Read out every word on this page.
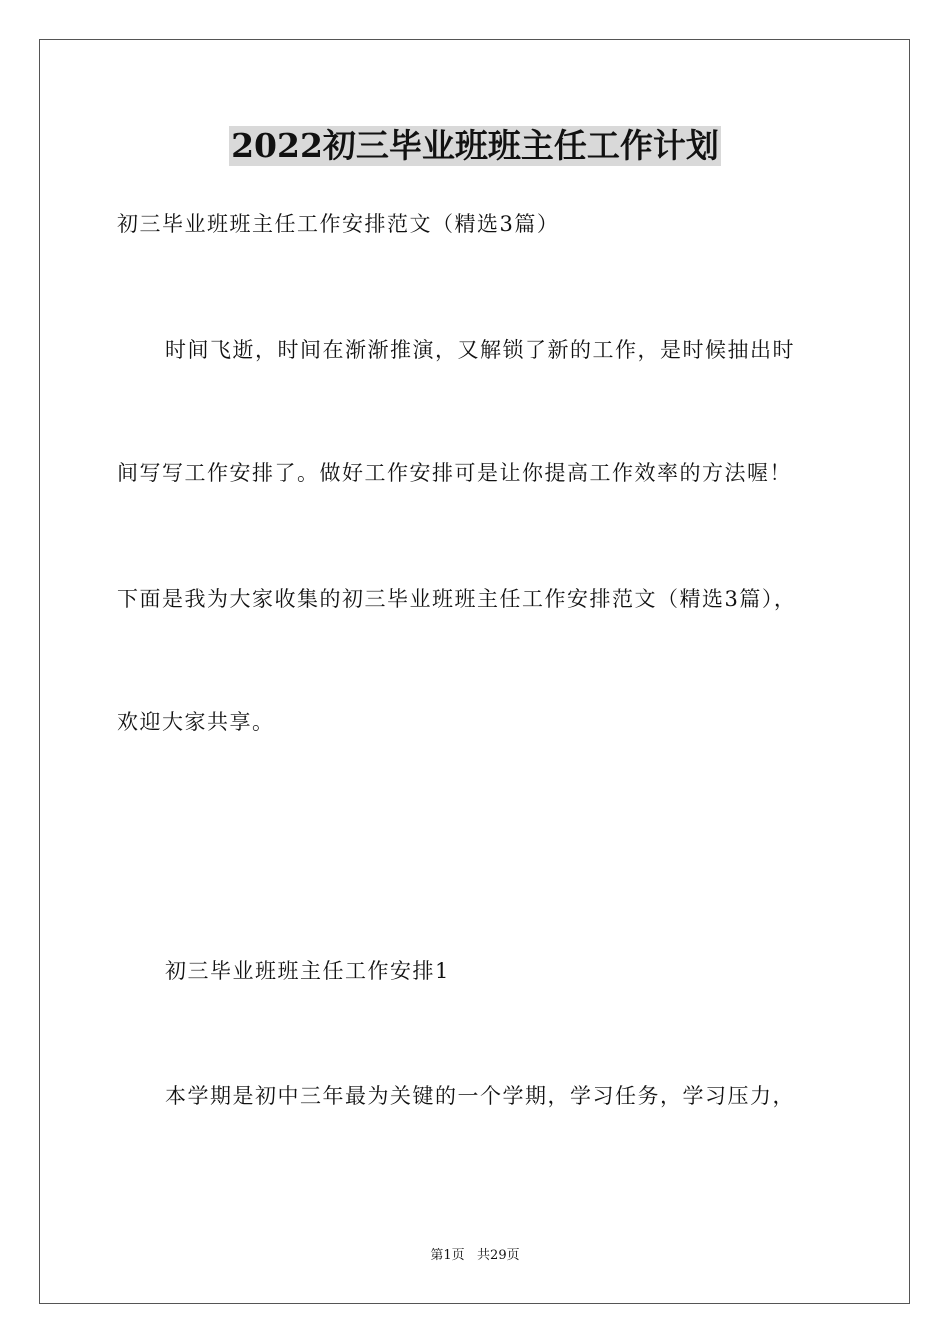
2022初三毕业班班主任工作计划
初三毕业班班主任工作安排范文（精选3篇）
时间飞逝，时间在渐渐推演，又解锁了新的工作，是时候抽出时
间写写工作安排了。做好工作安排可是让你提高工作效率的方法喔！
下面是我为大家收集的初三毕业班班主任工作安排范文（精选3篇），
欢迎大家共享。
初三毕业班班主任工作安排1
本学期是初中三年最为关键的一个学期，学习任务，学习压力，
第1页   共29页
